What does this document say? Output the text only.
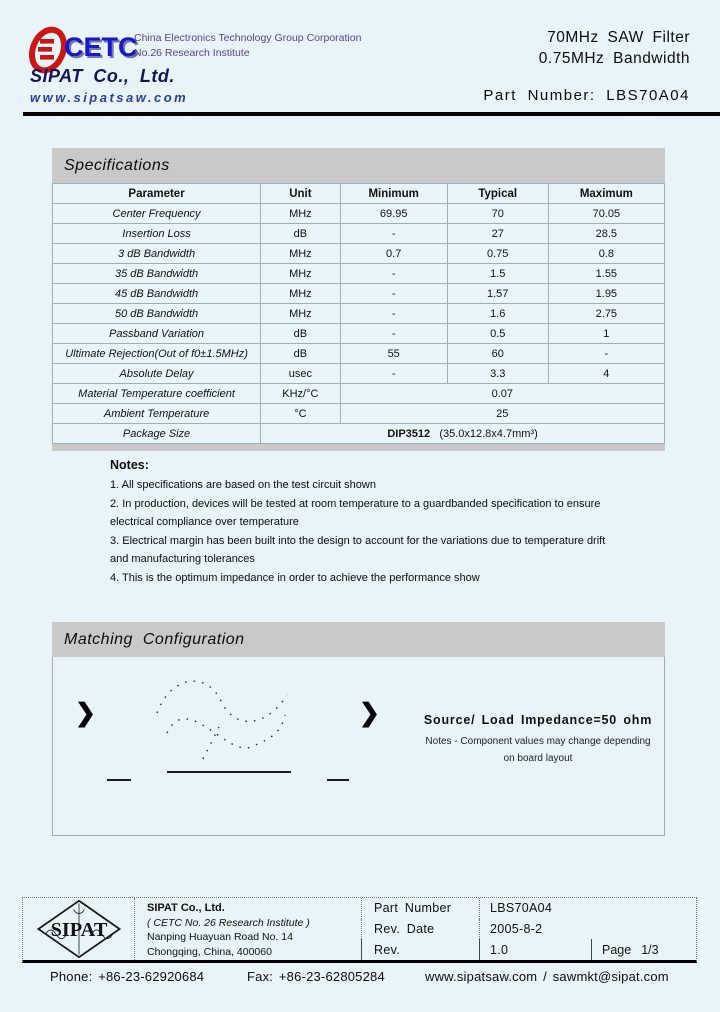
CETC
China Electronics Technology Group Corporation
No.26 Research Institute
SIPAT Co., Ltd.
www.sipatsaw.com
70MHz SAW Filter
0.75MHz Bandwidth
Part Number: LBS70A04
Specifications
Parameter	Unit	Minimum	Typical	Maximum
Center Frequency	MHz	69.95	70	70.05
Insertion Loss	dB	-	27	28.5
3 dB Bandwidth	MHz	0.7	0.75	0.8
35 dB Bandwidth	MHz	-	1.5	1.55
45 dB Bandwidth	MHz	-	1.57	1.95
50 dB Bandwidth	MHz	-	1.6	2.75
Passband Variation	dB	-	0.5	1
Ultimate Rejection(Out of f0±1.5MHz)	dB	55	60	-
Absolute Delay	usec	-	3.3	4
Material Temperature coefficient	KHz/°C	0.07		
Ambient Temperature	°C	25		
Package Size	DIP3512 (35.0x12.8x4.7mm³)			
Notes:
1. All specifications are based on the test circuit shown
2. In production, devices will be tested at room temperature to a guardbanded specification to ensure
electrical compliance over temperature
3. Electrical margin has been built into the design to account for the variations due to temperature drift
and manufacturing tolerances
4. This is the optimum impedance in order to achieve the performance show
Matching Configuration
❯	❯	Source/ Load Impedance=50 ohm
Notes - Component values may change depending
on board layout
SIPAT
SIPAT Co., Ltd.
( CETC No. 26 Research Institute )
Nanping Huayuan Road No. 14
Chongqing, China, 400060
Part Number	LBS70A04
Rev. Date	2005-8-2
Rev.	1.0	Page 1/3
Phone: +86-23-62920684	Fax: +86-23-62805284	www.sipatsaw.com / sawmkt@sipat.com
